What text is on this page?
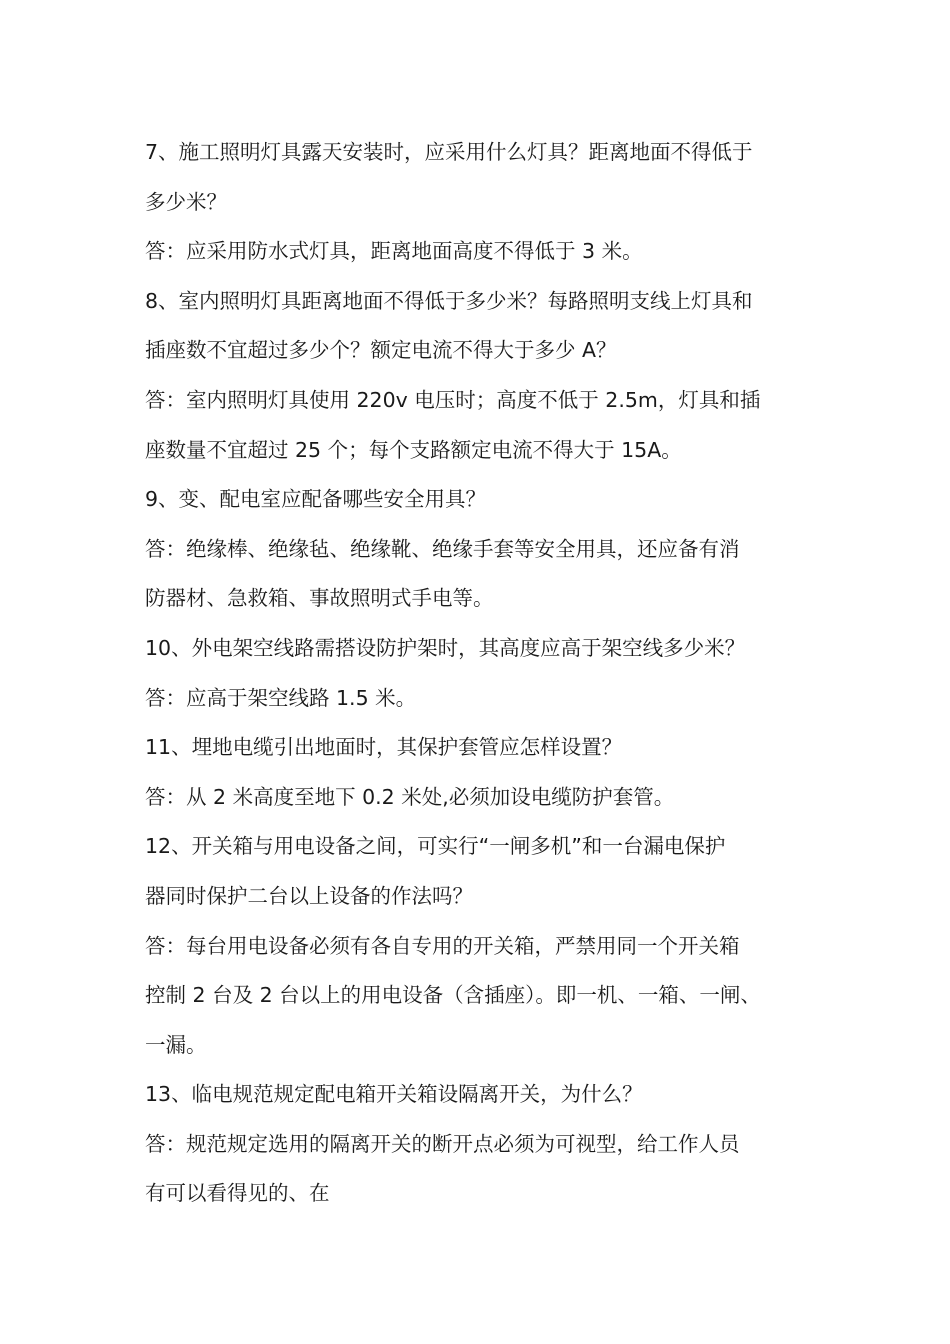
7、施工照明灯具露天安装时，应采用什么灯具？距离地面不得低于
多少米？
答：应采用防水式灯具，距离地面高度不得低于 3 米。
8、室内照明灯具距离地面不得低于多少米？每路照明支线上灯具和
插座数不宜超过多少个？额定电流不得大于多少 A？
答：室内照明灯具使用 220v 电压时；高度不低于 2.5m，灯具和插
座数量不宜超过 25 个；每个支路额定电流不得大于 15A。
9、变、配电室应配备哪些安全用具？
答：绝缘棒、绝缘毡、绝缘靴、绝缘手套等安全用具，还应备有消
防器材、急救箱、事故照明式手电等。
10、外电架空线路需搭设防护架时，其高度应高于架空线多少米？
答：应高于架空线路 1.5 米。
11、埋地电缆引出地面时，其保护套管应怎样设置？
答：从 2 米高度至地下 0.2 米处,必须加设电缆防护套管。
12、开关箱与用电设备之间，可实行“一闸多机”和一台漏电保护
器同时保护二台以上设备的作法吗？
答：每台用电设备必须有各自专用的开关箱，严禁用同一个开关箱
控制 2 台及 2 台以上的用电设备（含插座）。即一机、一箱、一闸、
一漏。
13、临电规范规定配电箱开关箱设隔离开关，为什么？
答：规范规定选用的隔离开关的断开点必须为可视型，给工作人员
有可以看得见的、在
